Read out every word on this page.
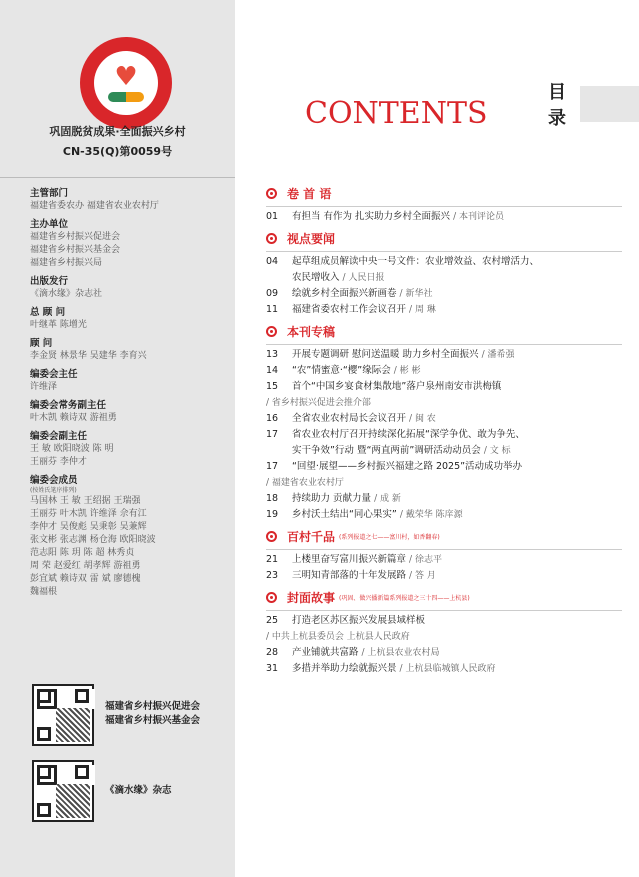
♥
巩固脱贫成果·全面振兴乡村
CN-35(Q)第0059号
主管部门
福建省委农办 福建省农业农村厅
主办单位
福建省乡村振兴促进会
福建省乡村振兴基金会
福建省乡村振兴局
出版发行
《滴水缘》杂志社
总 顾 问
叶继革 陈增光
顾 问
李金贤 林景华 吴建华 李育兴
编委会主任
许维泽
编委会常务副主任
叶木凯 赖诗双 游祖勇
编委会副主任
王 敏 欧阳晓波 陈 明
王丽芬 李仲才
编委会成员
(按姓氏笔序排列)
马国林 王 敏 王绍据 王瑞强
王丽芬 叶木凯 许维泽 佘有江
李仲才 吴俊彪 吴秉彰 吴兼辉
张文彬 张志渊 杨仓海 欧阳晓波
范志阳 陈 玥 陈 超 林秀贞
周 荣 赵爱红 胡孝辉 游祖勇
彭宜斌 赖诗双 雷 斌 廖德槐
魏福根
福建省乡村振兴促进会
福建省乡村振兴基金会
《滴水缘》杂志
CONTENTS
目
录
卷 首 语
01	有担当 有作为 扎实助力乡村全面振兴 / 本刊评论员
视点要闻
04	起草组成员解读中央一号文件：农业增效益、农村增活力、
农民增收入
/ 人民日报
09	绘就乡村全面振兴新画卷 / 新华社
11	福建省委农村工作会议召开 / 周 琳
本刊专稿
13	开展专题调研 慰问送温暖 助力乡村全面振兴 / 潘希强
14	“农”情蜜意·“樱”缘际会 / 彬 彬
15	首个“中国乡宴食材集散地”落户泉州南安市洪梅镇
/ 省乡村振兴促进会推介部
16	全省农业农村局长会议召开 / 闽 农
17	省农业农村厅召开持续深化拓展“深学争优、敢为争先、
实干争效”行动 暨“两直两前”调研活动动员会
/ 文 标
17	“回望·展望——乡村振兴福建之路 2025”活动成功举办
/ 福建省农业农村厅
18	持续助力 贡献力量 / 成 新
19	乡村沃土结出“同心果实” / 戴荣华 陈庠源
百村千品 (系列报道之七——富川村，如香翻春)
21	上楼里奋写富川振兴新篇章 / 徐志平
23	三明知青部落的十年发展路 / 答 月
封面故事 (巩固、做兴播新篇系列报道之三十四——上杭县)
25	打造老区苏区振兴发展县域样板
/ 中共上杭县委员会 上杭县人民政府
28	产业铺就共富路 / 上杭县农业农村局
31	多措并举助力绘就振兴景 / 上杭县临城镇人民政府
